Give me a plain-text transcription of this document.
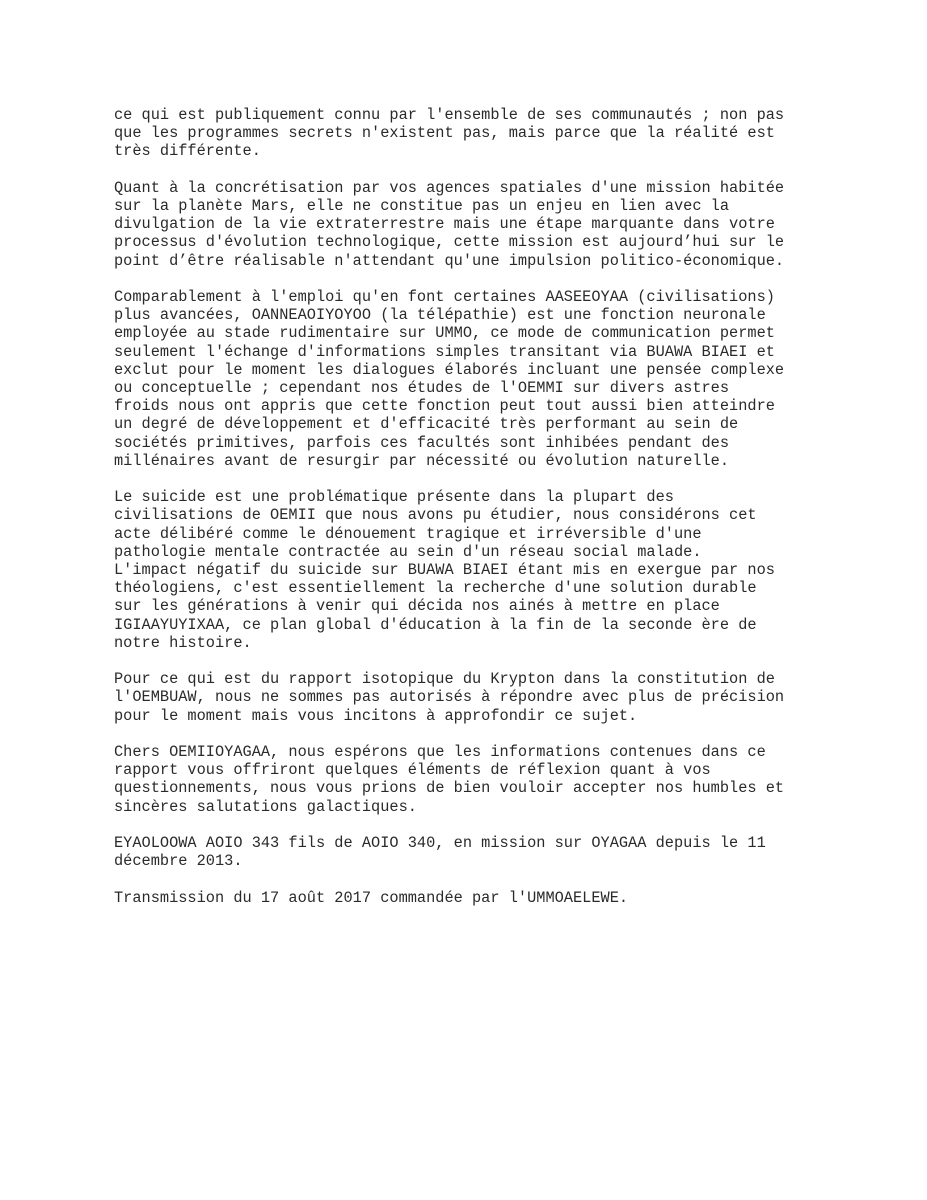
ce qui est publiquement connu par l'ensemble de ses communautés ; non pas
que les programmes secrets n'existent pas, mais parce que la réalité est
très différente.

Quant à la concrétisation par vos agences spatiales d'une mission habitée
sur la planète Mars, elle ne constitue pas un enjeu en lien avec la
divulgation de la vie extraterrestre mais une étape marquante dans votre
processus d'évolution technologique, cette mission est aujourd’hui sur le
point d’être réalisable n'attendant qu'une impulsion politico-économique.

Comparablement à l'emploi qu'en font certaines AASEEOYAA (civilisations)
plus avancées, OANNEAOIYOYOO (la télépathie) est une fonction neuronale
employée au stade rudimentaire sur UMMO, ce mode de communication permet
seulement l'échange d'informations simples transitant via BUAWA BIAEI et
exclut pour le moment les dialogues élaborés incluant une pensée complexe
ou conceptuelle ; cependant nos études de l'OEMMI sur divers astres
froids nous ont appris que cette fonction peut tout aussi bien atteindre
un degré de développement et d'efficacité très performant au sein de
sociétés primitives, parfois ces facultés sont inhibées pendant des
millénaires avant de resurgir par nécessité ou évolution naturelle.

Le suicide est une problématique présente dans la plupart des
civilisations de OEMII que nous avons pu étudier, nous considérons cet
acte délibéré comme le dénouement tragique et irréversible d'une
pathologie mentale contractée au sein d'un réseau social malade.
L'impact négatif du suicide sur BUAWA BIAEI étant mis en exergue par nos
théologiens, c'est essentiellement la recherche d'une solution durable
sur les générations à venir qui décida nos ainés à mettre en place
IGIAAYUYIXAA, ce plan global d'éducation à la fin de la seconde ère de
notre histoire.

Pour ce qui est du rapport isotopique du Krypton dans la constitution de
l'OEMBUAW, nous ne sommes pas autorisés à répondre avec plus de précision
pour le moment mais vous incitons à approfondir ce sujet.

Chers OEMIIOYAGAA, nous espérons que les informations contenues dans ce
rapport vous offriront quelques éléments de réflexion quant à vos
questionnements, nous vous prions de bien vouloir accepter nos humbles et
sincères salutations galactiques.

EYAOLOOWA AOIO 343 fils de AOIO 340, en mission sur OYAGAA depuis le 11
décembre 2013.

Transmission du 17 août 2017 commandée par l'UMMOAELEWE.
